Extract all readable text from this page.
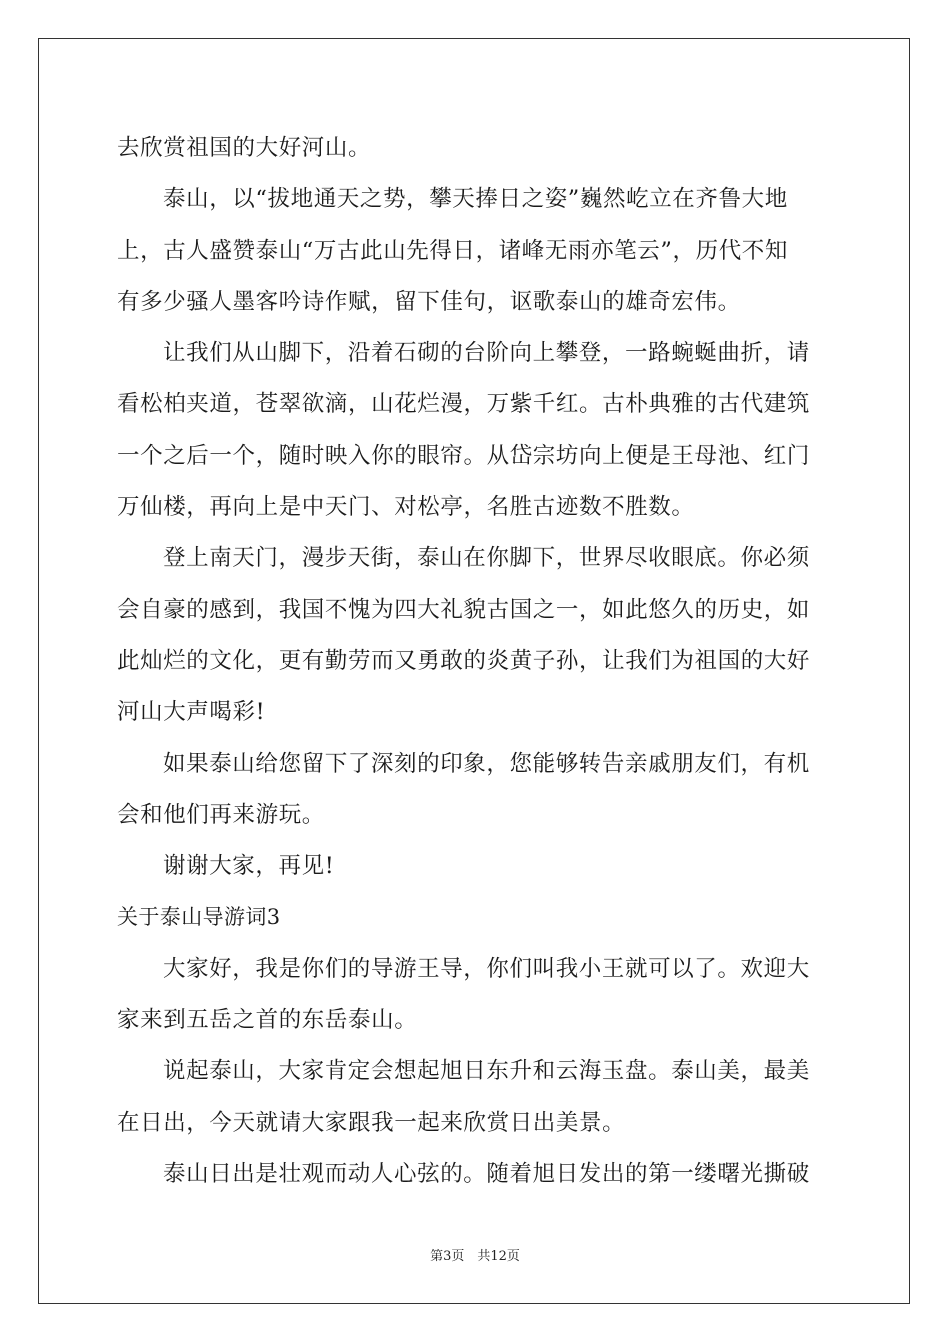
去欣赏祖国的大好河山。
泰山，以“拔地通天之势，攀天捧日之姿”巍然屹立在齐鲁大地
上，古人盛赞泰山“万古此山先得日，诸峰无雨亦笔云”，历代不知
有多少骚人墨客吟诗作赋，留下佳句，讴歌泰山的雄奇宏伟。
让我们从山脚下，沿着石砌的台阶向上攀登，一路蜿蜒曲折，请
看松柏夹道，苍翠欲滴，山花烂漫，万紫千红。古朴典雅的古代建筑
一个之后一个，随时映入你的眼帘。从岱宗坊向上便是王母池、红门
万仙楼，再向上是中天门、对松亭，名胜古迹数不胜数。
登上南天门，漫步天街，泰山在你脚下，世界尽收眼底。你必须
会自豪的感到，我国不愧为四大礼貌古国之一，如此悠久的历史，如
此灿烂的文化，更有勤劳而又勇敢的炎黄子孙，让我们为祖国的大好
河山大声喝彩!
如果泰山给您留下了深刻的印象，您能够转告亲戚朋友们，有机
会和他们再来游玩。
谢谢大家，再见!
关于泰山导游词3
大家好，我是你们的导游王导，你们叫我小王就可以了。欢迎大
家来到五岳之首的东岳泰山。
说起泰山，大家肯定会想起旭日东升和云海玉盘。泰山美，最美
在日出，今天就请大家跟我一起来欣赏日出美景。
泰山日出是壮观而动人心弦的。随着旭日发出的第一缕曙光撕破
第3页　共12页
